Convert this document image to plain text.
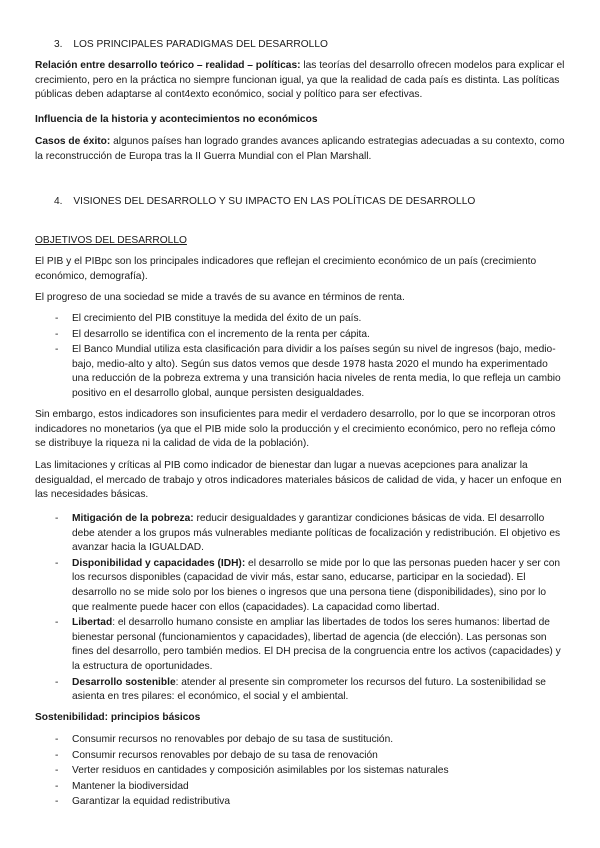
3. LOS PRINCIPALES PARADIGMAS DEL DESARROLLO

Relación entre desarrollo teórico – realidad – políticas: las teorías del desarrollo ofrecen modelos para explicar el crecimiento, pero en la práctica no siempre funcionan igual, ya que la realidad de cada país es distinta. Las políticas públicas deben adaptarse al cont4exto económico, social y político para ser efectivas.

Influencia de la historia y acontecimientos no económicos

Casos de éxito: algunos países han logrado grandes avances aplicando estrategias adecuadas a su contexto, como la reconstrucción de Europa tras la II Guerra Mundial con el Plan Marshall.

4. VISIONES DEL DESARROLLO Y SU IMPACTO EN LAS POLÍTICAS DE DESARROLLO

OBJETIVOS DEL DESARROLLO

El PIB y el PIBpc son los principales indicadores que reflejan el crecimiento económico de un país (crecimiento económico, demografía).

El progreso de una sociedad se mide a través de su avance en términos de renta.

- El crecimiento del PIB constituye la medida del éxito de un país.
- El desarrollo se identifica con el incremento de la renta per cápita.
- El Banco Mundial utiliza esta clasificación para dividir a los países según su nivel de ingresos (bajo, medio-bajo, medio-alto y alto). Según sus datos vemos que desde 1978 hasta 2020 el mundo ha experimentado una reducción de la pobreza extrema y una transición hacia niveles de renta media, lo que refleja un cambio positivo en el desarrollo global, aunque persisten desigualdades.

Sin embargo, estos indicadores son insuficientes para medir el verdadero desarrollo, por lo que se incorporan otros indicadores no monetarios (ya que el PIB mide solo la producción y el crecimiento económico, pero no refleja cómo se distribuye la riqueza ni la calidad de vida de la población).

Las limitaciones y críticas al PIB como indicador de bienestar dan lugar a nuevas acepciones para analizar la desigualdad, el mercado de trabajo y otros indicadores materiales básicos de calidad de vida, y hacer un enfoque en las necesidades básicas.

- Mitigación de la pobreza: reducir desigualdades y garantizar condiciones básicas de vida. El desarrollo debe atender a los grupos más vulnerables mediante políticas de focalización y redistribución. El objetivo es avanzar hacia la IGUALDAD.
- Disponibilidad y capacidades (IDH): el desarrollo se mide por lo que las personas pueden hacer y ser con los recursos disponibles (capacidad de vivir más, estar sano, educarse, participar en la sociedad). El desarrollo no se mide solo por los bienes o ingresos que una persona tiene (disponibilidades), sino por lo que realmente puede hacer con ellos (capacidades). La capacidad como libertad.
- Libertad: el desarrollo humano consiste en ampliar las libertades de todos los seres humanos: libertad de bienestar personal (funcionamientos y capacidades), libertad de agencia (de elección). Las personas son fines del desarrollo, pero también medios. El DH precisa de la congruencia entre los activos (capacidades) y la estructura de oportunidades.
- Desarrollo sostenible: atender al presente sin comprometer los recursos del futuro. La sostenibilidad se asienta en tres pilares: el económico, el social y el ambiental.

Sostenibilidad: principios básicos

- Consumir recursos no renovables por debajo de su tasa de sustitución.
- Consumir recursos renovables por debajo de su tasa de renovación
- Verter residuos en cantidades y composición asimilables por los sistemas naturales
- Mantener la biodiversidad
- Garantizar la equidad redistributiva
